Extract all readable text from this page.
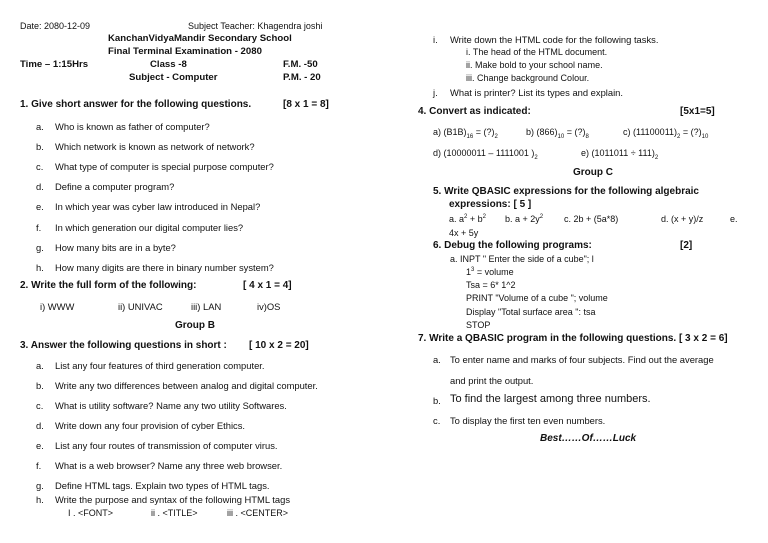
Date: 2080-12-09	Subject Teacher: Khagendra joshi
KanchanVidyaMandir Secondary School
Final Terminal Examination - 2080
Time – 1:15Hrs	Class -8	F.M. -50
Subject - Computer	P.M. - 20
1. Give short answer for the following questions.	[8 x 1 = 8]
a. Who is known as father of computer?
b. Which network is known as network of network?
c. What type of computer is special purpose computer?
d. Define a computer program?
e. In which year was cyber law introduced in Nepal?
f. In which generation our digital computer lies?
g. How many bits are in a byte?
h. How many digits are there in binary number system?
2. Write the full form of the following:	[ 4 x 1 = 4]
i) WWW	ii) UNIVAC	iii) LAN	iv)OS
Group B
3. Answer the following questions in short : [ 10 x 2 = 20]
a. List any four features of third generation computer.
b. Write any two differences between analog and digital computer.
c. What is utility software? Name any two utility Softwares.
d. Write down any four provision of cyber Ethics.
e. List any four routes of transmission of computer virus.
f. What is a web browser? Name any three web browser.
g. Define HTML tags. Explain two types of HTML tags.
h. Write the purpose and syntax of the following HTML tags
I . <FONT>	ii . <TITLE>	iii . <CENTER>
i. Write down the HTML code for the following tasks.
i. The head of the HTML document.
ii. Make bold to your school name.
iii. Change background Colour.
j. What is printer? List its types and explain.
4. Convert as indicated:	[5x1=5]
a) $(B1B)_{16}$ = $(?)_2$	b) $(866)_{10}$ = $(?)_8$	c) $(11100011)_2$ = $(?)_{10}$
d) (10000011 – 1111001 )$_2$	e) $(1011011 \div 111)_2$
Group C
5. Write QBASIC expressions for the following algebraic
expressions: [ 5 ]
a. $a^2 + b^2$ b. $a + 2y^2$ c. 2b + (5a*8)	d. (x + y)/z	e.
4x + 5y
6. Debug the following programs:	[2]
a. INPT " Enter the side of a cube"; l
$1^3$ = volume
Tsa = 6* 1^2
PRINT "Volume of a cube "; volume
Display "Total surface area ": tsa
STOP
7. Write a QBASIC program in the following questions. [ 3 x 2 = 6]
a. To enter name and marks of four subjects. Find out the average
and print the output.
b. To find the largest among three numbers.
c. To display the first ten even numbers.
Best……Of……Luck
